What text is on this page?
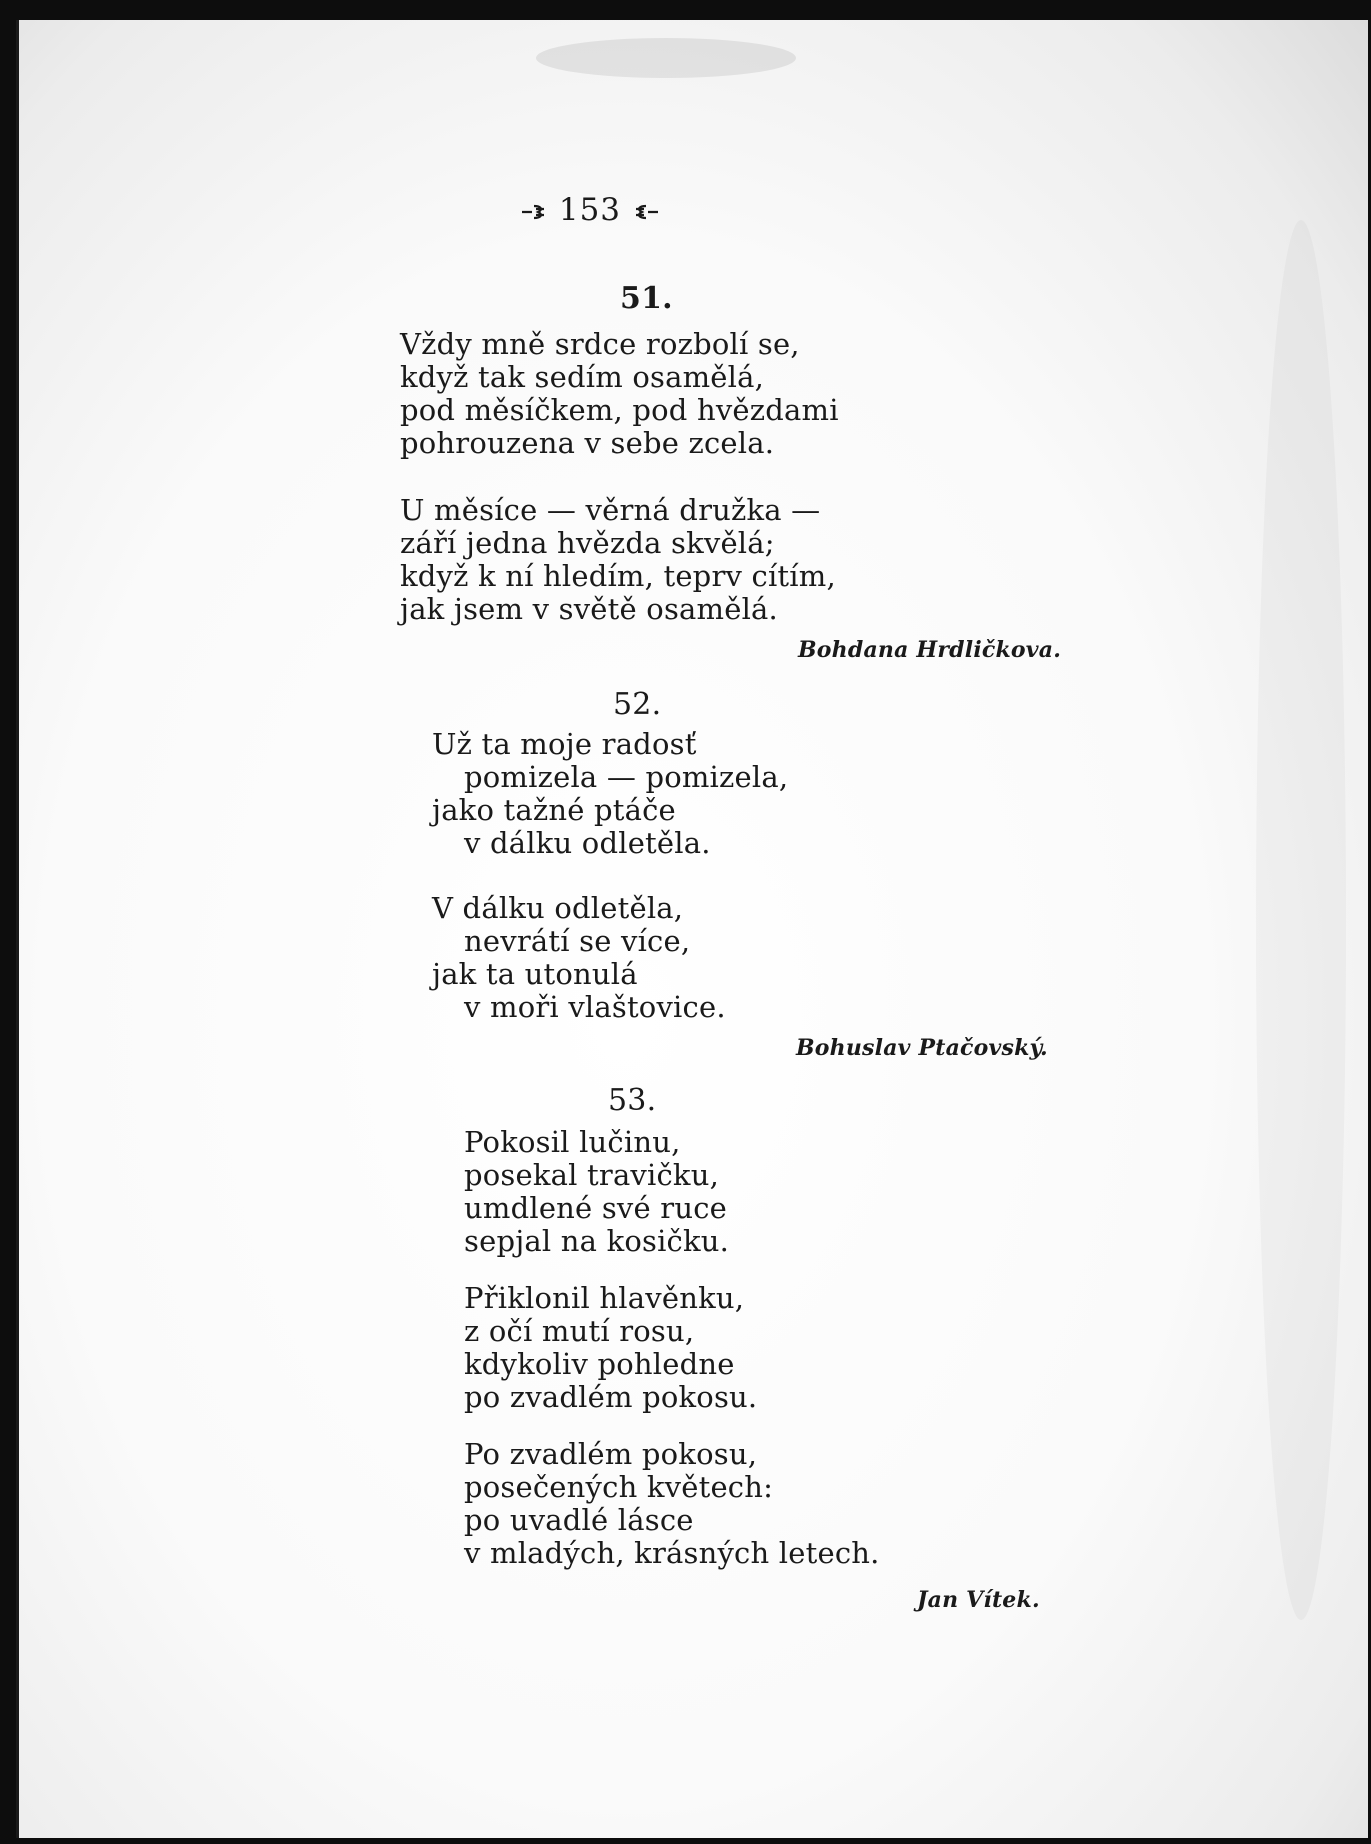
153
51.
Vždy mně srdce rozbolí se,
když tak sedím osamělá,
pod měsíčkem, pod hvězdami
pohrouzena v sebe zcela.
U měsíce — věrná družka —
září jedna hvězda skvělá;
když k ní hledím, teprv cítím,
jak jsem v světě osamělá.
Bohdana Hrdličkova.
52.
Už ta moje radosť
pomizela — pomizela,
jako tažné ptáče
v dálku odletěla.
V dálku odletěla,
nevrátí se více,
jak ta utonulá
v moři vlaštovice.
Bohuslav Ptačovský.
53.
Pokosil lučinu,
posekal travičku,
umdlené své ruce
sepjal na kosičku.
Přiklonil hlavěnku,
z očí mutí rosu,
kdykoliv pohledne
po zvadlém pokosu.
Po zvadlém pokosu,
posečených květech:
po uvadlé lásce
v mladých, krásných letech.
Jan Vítek.
